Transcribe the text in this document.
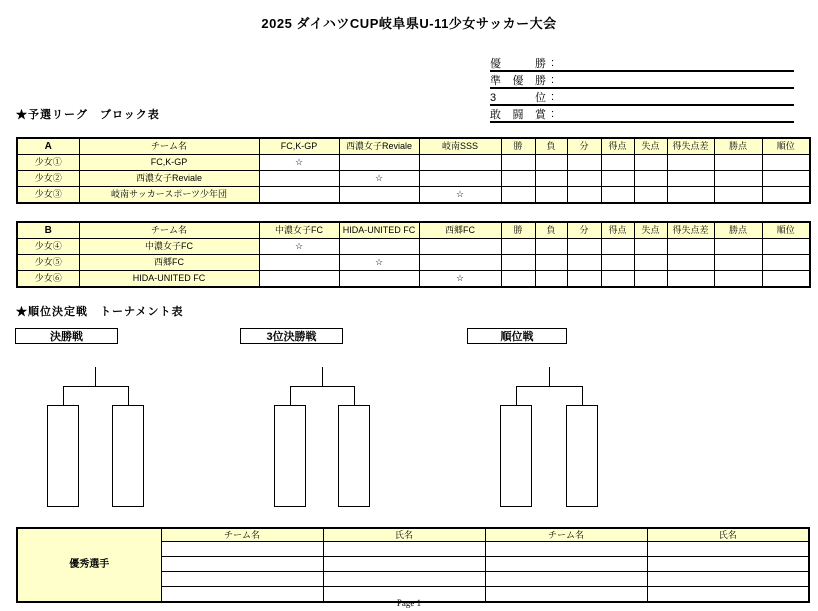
2025 ダイハツCUP岐阜県U-11少女サッカー大会
優勝 :
準優勝 :
3位 :
敢闘賞 :
★予選リーグ　ブロック表
A	チーム名	FC,K-GP	西濃女子Reviale	岐南SSS	勝	負	分	得点	失点	得失点差	勝点	順位
少女①	FC,K-GP	☆										
少女②	西濃女子Reviale		☆									
少女③	岐南サッカースポーツ少年団			☆								
B	チーム名	中濃女子FC	HIDA-UNITED FC	西郷FC	勝	負	分	得点	失点	得失点差	勝点	順位
少女④	中濃女子FC	☆										
少女⑤	西郷FC		☆									
少女⑥	HIDA-UNITED FC			☆								
★順位決定戦　トーナメント表
決勝戦	3位決勝戦	順位戦
優秀選手	チーム名	氏名	チーム名	氏名

Page 1
